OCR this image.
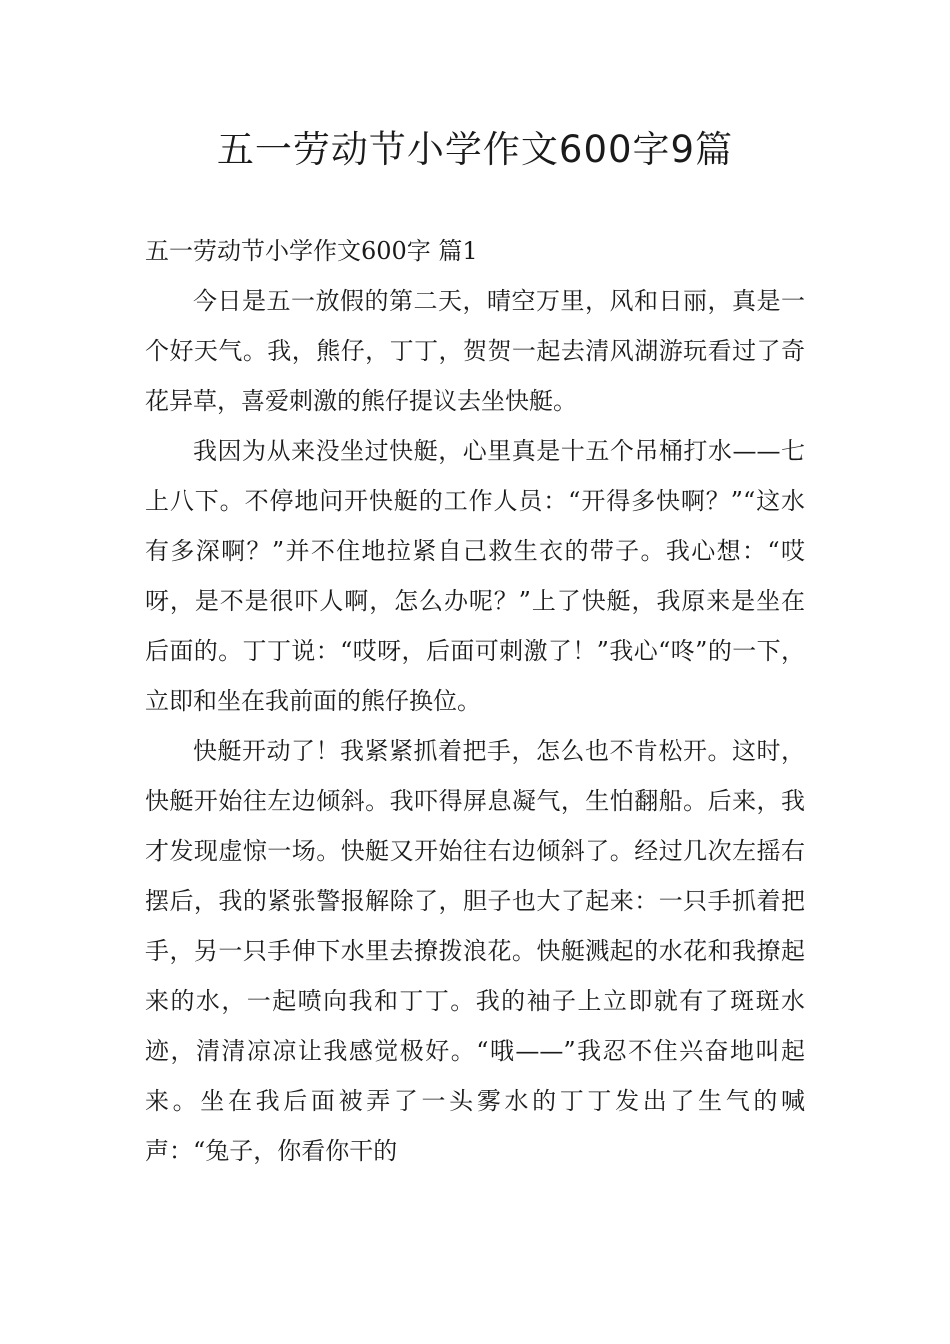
五一劳动节小学作文600字9篇
五一劳动节小学作文600字 篇1

今日是五一放假的第二天，晴空万里，风和日丽，真是一个好天气。我，熊仔，丁丁，贺贺一起去清风湖游玩看过了奇花异草，喜爱刺激的熊仔提议去坐快艇。

我因为从来没坐过快艇，心里真是十五个吊桶打水——七上八下。不停地问开快艇的工作人员：“开得多快啊？”“这水有多深啊？”并不住地拉紧自己救生衣的带子。我心想：“哎呀，是不是很吓人啊，怎么办呢？”上了快艇，我原来是坐在后面的。丁丁说：“哎呀，后面可刺激了！”我心“咚”的一下，立即和坐在我前面的熊仔换位。

快艇开动了！我紧紧抓着把手，怎么也不肯松开。这时，快艇开始往左边倾斜。我吓得屏息凝气，生怕翻船。后来，我才发现虚惊一场。快艇又开始往右边倾斜了。经过几次左摇右摆后，我的紧张警报解除了，胆子也大了起来：一只手抓着把手，另一只手伸下水里去撩拨浪花。快艇溅起的水花和我撩起来的水，一起喷向我和丁丁。我的袖子上立即就有了斑斑水迹，清清凉凉让我感觉极好。“哦——”我忍不住兴奋地叫起来。坐在我后面被弄了一头雾水的丁丁发出了生气的喊声：“兔子，你看你干的
